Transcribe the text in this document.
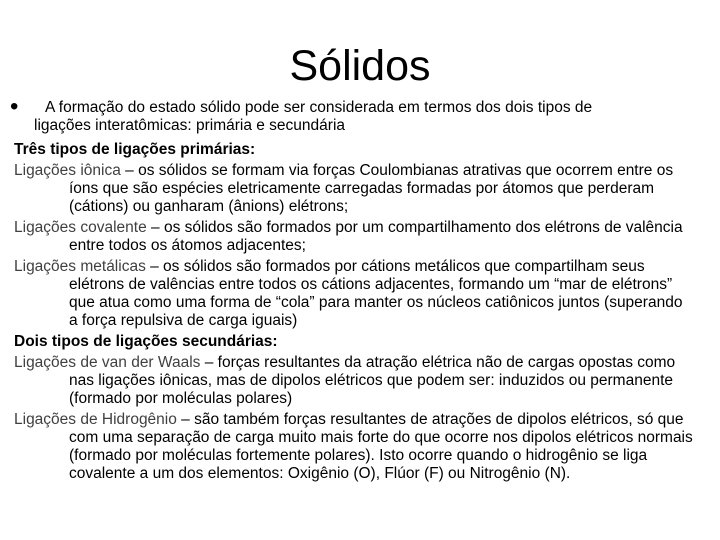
Sólidos
•	A formação do estado sólido pode ser considerada em termos dos dois tipos de
ligações interatômicas: primária e secundária
Três tipos de ligações primárias:

Ligações iônica – os sólidos se formam via forças Coulombianas atrativas que ocorrem entre os íons que são espécies eletricamente carregadas formadas por átomos que perderam (cátions) ou ganharam (ânions) elétrons;

Ligações covalente – os sólidos são formados por um compartilhamento dos elétrons de valência entre todos os átomos adjacentes;

Ligações metálicas – os sólidos são formados por cátions metálicos que compartilham seus elétrons de valências entre todos os cátions adjacentes, formando um “mar de elétrons” que atua como uma forma de “cola” para manter os núcleos catiônicos juntos (superando a força repulsiva de carga iguais)

Dois tipos de ligações secundárias:

Ligações de van der Waals – forças resultantes da atração elétrica não de cargas opostas como nas ligações iônicas, mas de dipolos elétricos que podem ser: induzidos ou permanente (formado por moléculas polares)

Ligações de Hidrogênio – são também forças resultantes de atrações de dipolos elétricos, só que com uma separação de carga muito mais forte do que ocorre nos dipolos elétricos normais (formado por moléculas fortemente polares). Isto ocorre quando o hidrogênio se liga covalente a um dos elementos: Oxigênio (O), Flúor (F) ou Nitrogênio (N).
